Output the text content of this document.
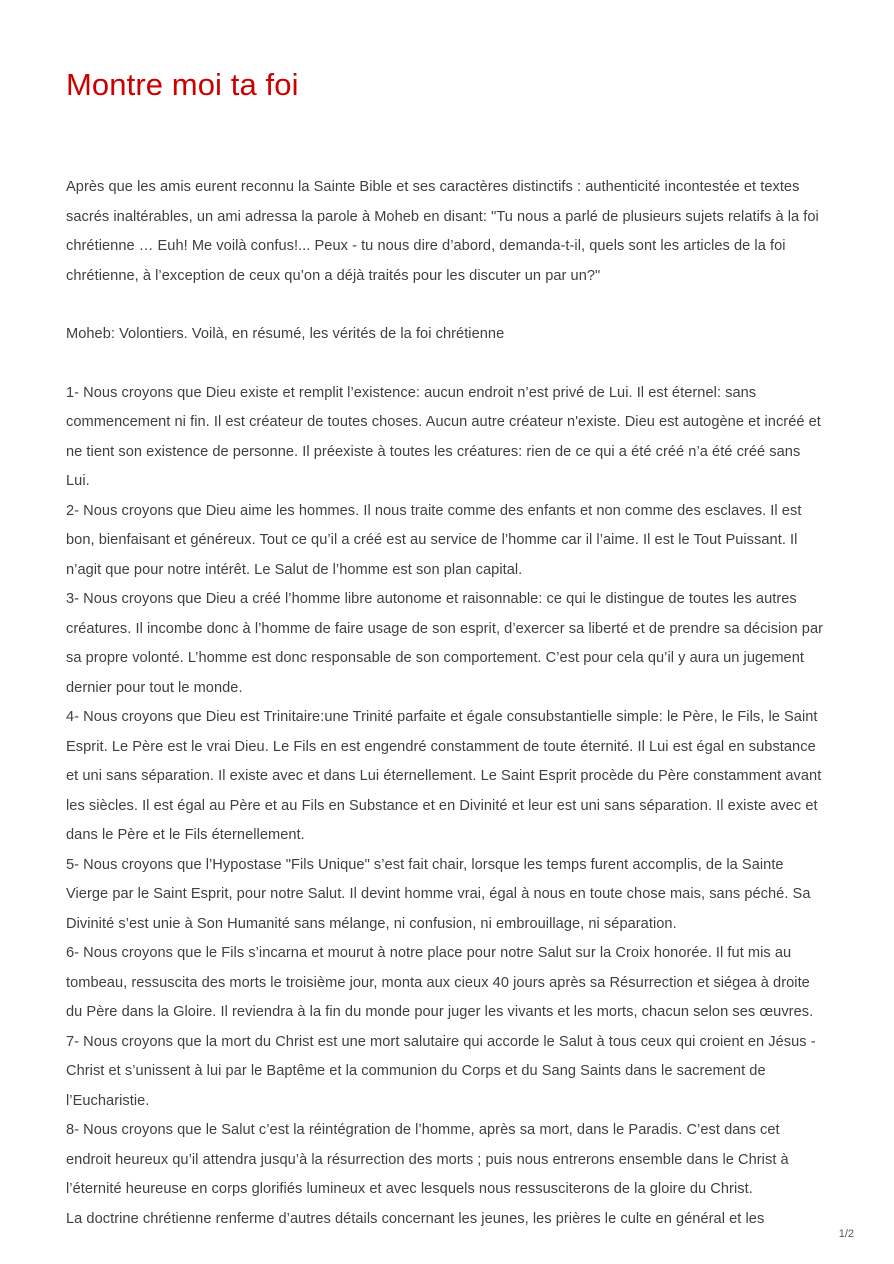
Montre moi ta foi

Après que les amis eurent reconnu la Sainte Bible et ses caractères distinctifs : authenticité incontestée et textes sacrés inaltérables, un ami adressa la parole à Moheb en disant: "Tu nous a parlé de plusieurs sujets relatifs à la foi chrétienne … Euh! Me voilà confus!... Peux - tu nous dire d’abord, demanda-t-il, quels sont les articles de la foi chrétienne, à l’exception de ceux qu’on a déjà traités pour les discuter un par un?"

Moheb: Volontiers. Voilà, en résumé, les vérités de la foi chrétienne

1- Nous croyons que Dieu existe et remplit l’existence: aucun endroit n’est privé de Lui. Il est éternel: sans commencement ni fin. Il est créateur de toutes choses. Aucun autre créateur n'existe. Dieu est autogène et incréé et ne tient son existence de personne. Il préexiste à toutes les créatures: rien de ce qui a été créé n’a été créé sans Lui.

2- Nous croyons que Dieu aime les hommes. Il nous traite comme des enfants et non comme des esclaves. Il est bon, bienfaisant et généreux. Tout ce qu’il a créé est au service de l’homme car il l’aime. Il est le Tout Puissant. Il n’agit que pour notre intérêt. Le Salut de l’homme est son plan capital.

3- Nous croyons que Dieu a créé l’homme libre autonome et raisonnable: ce qui le distingue de toutes les autres créatures. Il incombe donc à l’homme de faire usage de son esprit, d’exercer sa liberté et de prendre sa décision par sa propre volonté. L’homme est donc responsable de son comportement. C’est pour cela qu’il y aura un jugement dernier pour tout le monde.

4- Nous croyons que Dieu est Trinitaire:une Trinité parfaite et égale consubstantielle simple: le Père, le Fils, le Saint Esprit. Le Père est le vrai Dieu. Le Fils en est engendré constamment de toute éternité. Il Lui est égal en substance et uni sans séparation. Il existe avec et dans Lui éternellement. Le Saint Esprit procède du Père constamment avant les siècles. Il est égal au Père et au Fils en Substance et en Divinité et leur est uni sans séparation. Il existe avec et dans le Père et le Fils éternellement.

5- Nous croyons que l’Hypostase "Fils Unique" s’est fait chair, lorsque les temps furent accomplis, de la Sainte Vierge par le Saint Esprit, pour notre Salut. Il devint homme vrai, égal à nous en toute chose mais, sans péché. Sa Divinité s’est unie à Son Humanité sans mélange, ni confusion, ni embrouillage, ni séparation.

6- Nous croyons que le Fils s’incarna et mourut à notre place pour notre Salut sur la Croix honorée. Il fut mis au tombeau, ressuscita des morts le troisième jour, monta aux cieux 40 jours après sa Résurrection et siégea à droite du Père dans la Gloire. Il reviendra à la fin du monde pour juger les vivants et les morts, chacun selon ses œuvres.

7- Nous croyons que la mort du Christ est une mort salutaire qui accorde le Salut à tous ceux qui croient en Jésus - Christ et s’unissent à lui par le Baptême et la communion du Corps et du Sang Saints dans le sacrement de l’Eucharistie.

8- Nous croyons que le Salut c’est la réintégration de l’homme, après sa mort, dans le Paradis. C’est dans cet endroit heureux qu’il attendra jusqu’à la résurrection des morts ; puis nous entrerons ensemble dans le Christ à l’éternité heureuse en corps glorifiés lumineux et avec lesquels nous ressusciterons de la gloire du Christ.

La doctrine chrétienne renferme d’autres détails concernant les jeunes, les prières le culte en général et les

1/2
